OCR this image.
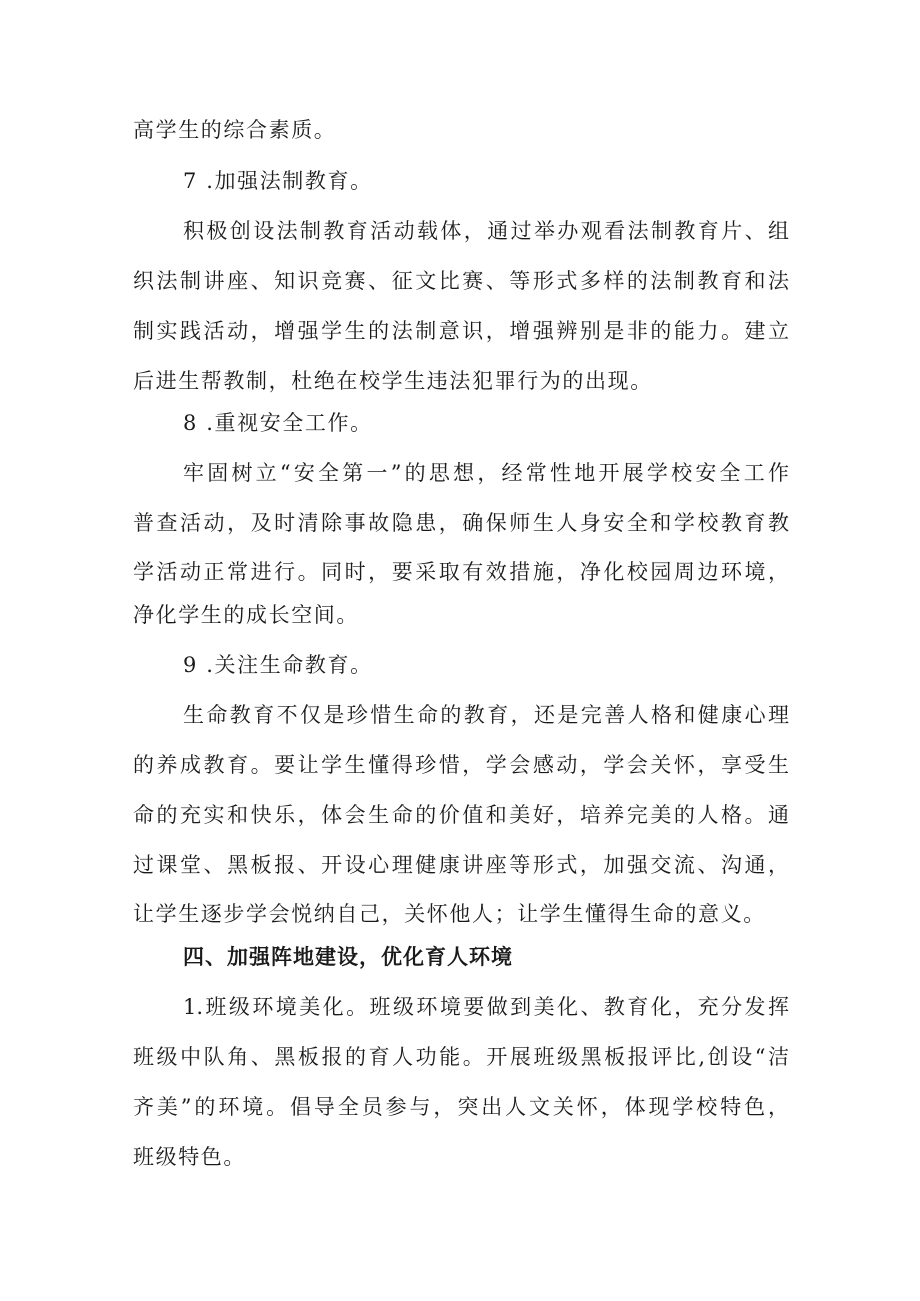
高学生的综合素质。
7 .加强法制教育。
积极创设法制教育活动载体，通过举办观看法制教育片、组
织法制讲座、知识竞赛、征文比赛、等形式多样的法制教育和法
制实践活动，增强学生的法制意识，增强辨别是非的能力。建立
后进生帮教制，杜绝在校学生违法犯罪行为的出现。
8 .重视安全工作。
牢固树立“安全第一”的思想，经常性地开展学校安全工作
普查活动，及时清除事故隐患，确保师生人身安全和学校教育教
学活动正常进行。同时，要采取有效措施，净化校园周边环境，
净化学生的成长空间。
9 .关注生命教育。
生命教育不仅是珍惜生命的教育，还是完善人格和健康心理
的养成教育。要让学生懂得珍惜，学会感动，学会关怀，享受生
命的充实和快乐，体会生命的价值和美好，培养完美的人格。通
过课堂、黑板报、开设心理健康讲座等形式，加强交流、沟通，
让学生逐步学会悦纳自己，关怀他人；让学生懂得生命的意义。
四、加强阵地建设，优化育人环境
1.班级环境美化。班级环境要做到美化、教育化，充分发挥
班级中队角、黑板报的育人功能。开展班级黑板报评比,创设“洁
齐美”的环境。倡导全员参与，突出人文关怀，体现学校特色，
班级特色。
